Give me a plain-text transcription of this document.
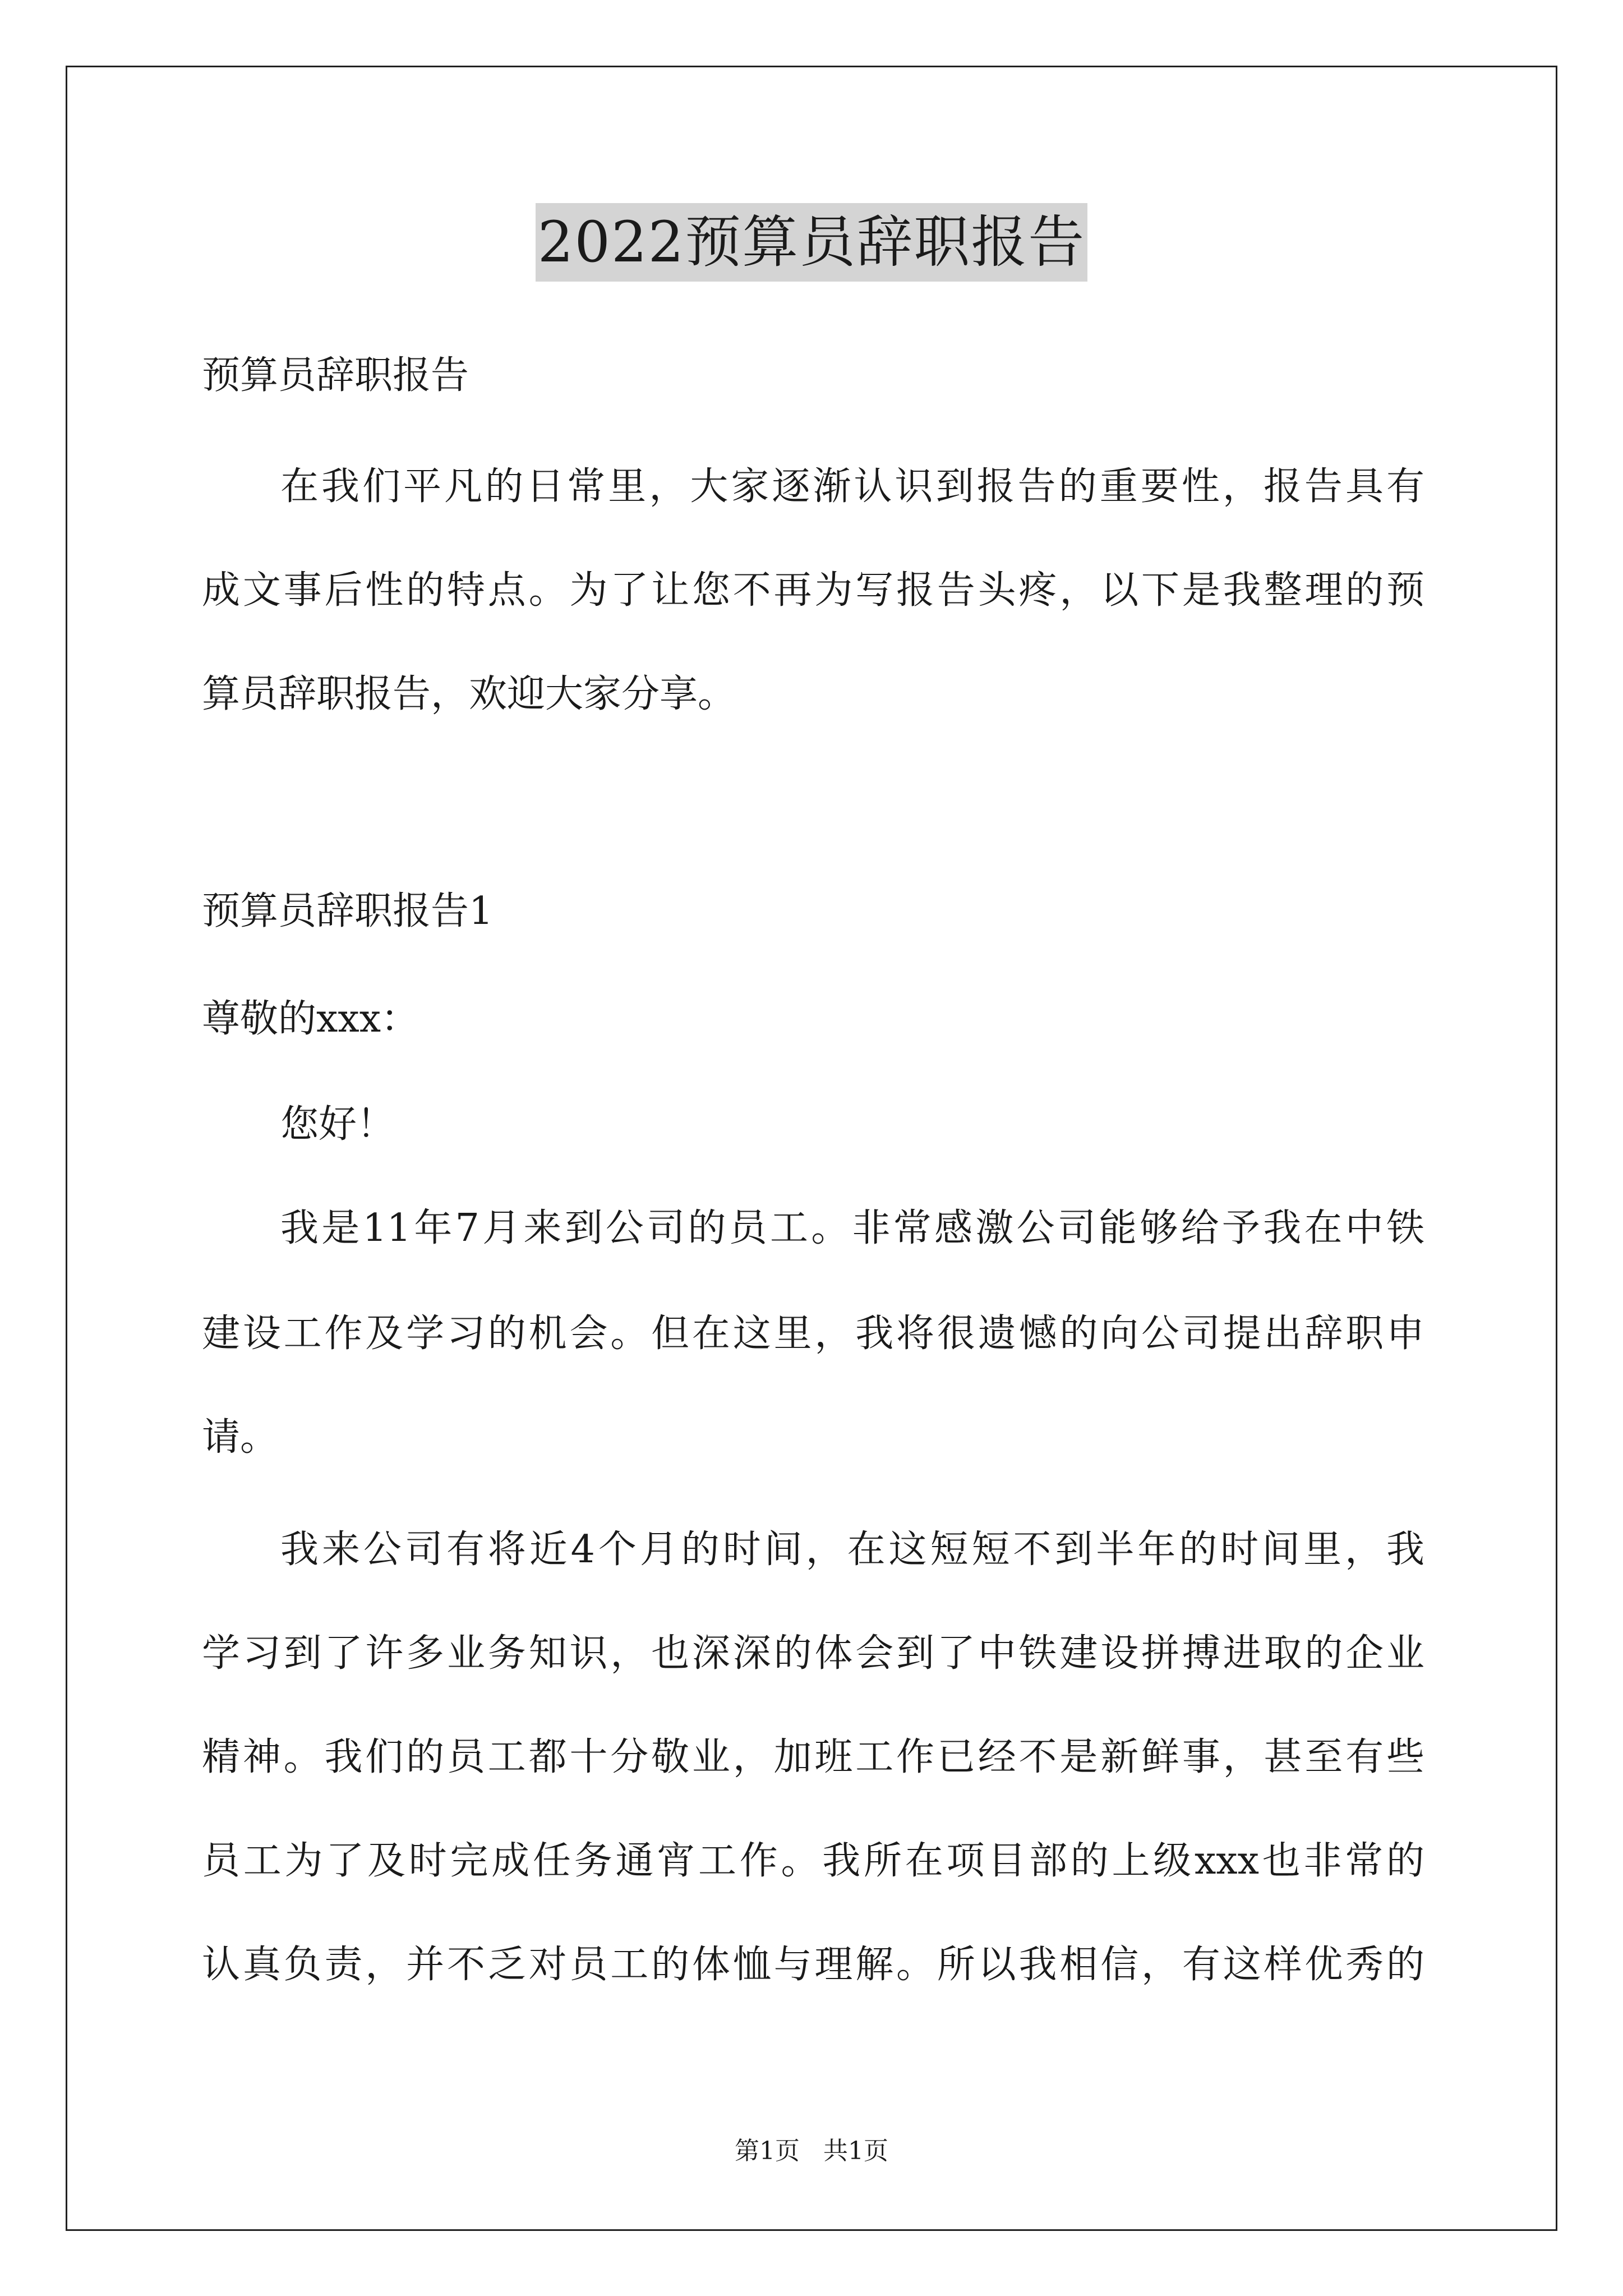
2022预算员辞职报告
预算员辞职报告
在我们平凡的日常里，大家逐渐认识到报告的重要性，报告具有
成文事后性的特点。为了让您不再为写报告头疼，以下是我整理的预
算员辞职报告，欢迎大家分享。
预算员辞职报告1
尊敬的xxx：
您好！
我是11年7月来到公司的员工。非常感激公司能够给予我在中铁
建设工作及学习的机会。但在这里，我将很遗憾的向公司提出辞职申
请。
我来公司有将近4个月的时间，在这短短不到半年的时间里，我
学习到了许多业务知识，也深深的体会到了中铁建设拼搏进取的企业
精神。我们的员工都十分敬业，加班工作已经不是新鲜事，甚至有些
员工为了及时完成任务通宵工作。我所在项目部的上级xxx也非常的
认真负责，并不乏对员工的体恤与理解。所以我相信，有这样优秀的
第1页 共1页
